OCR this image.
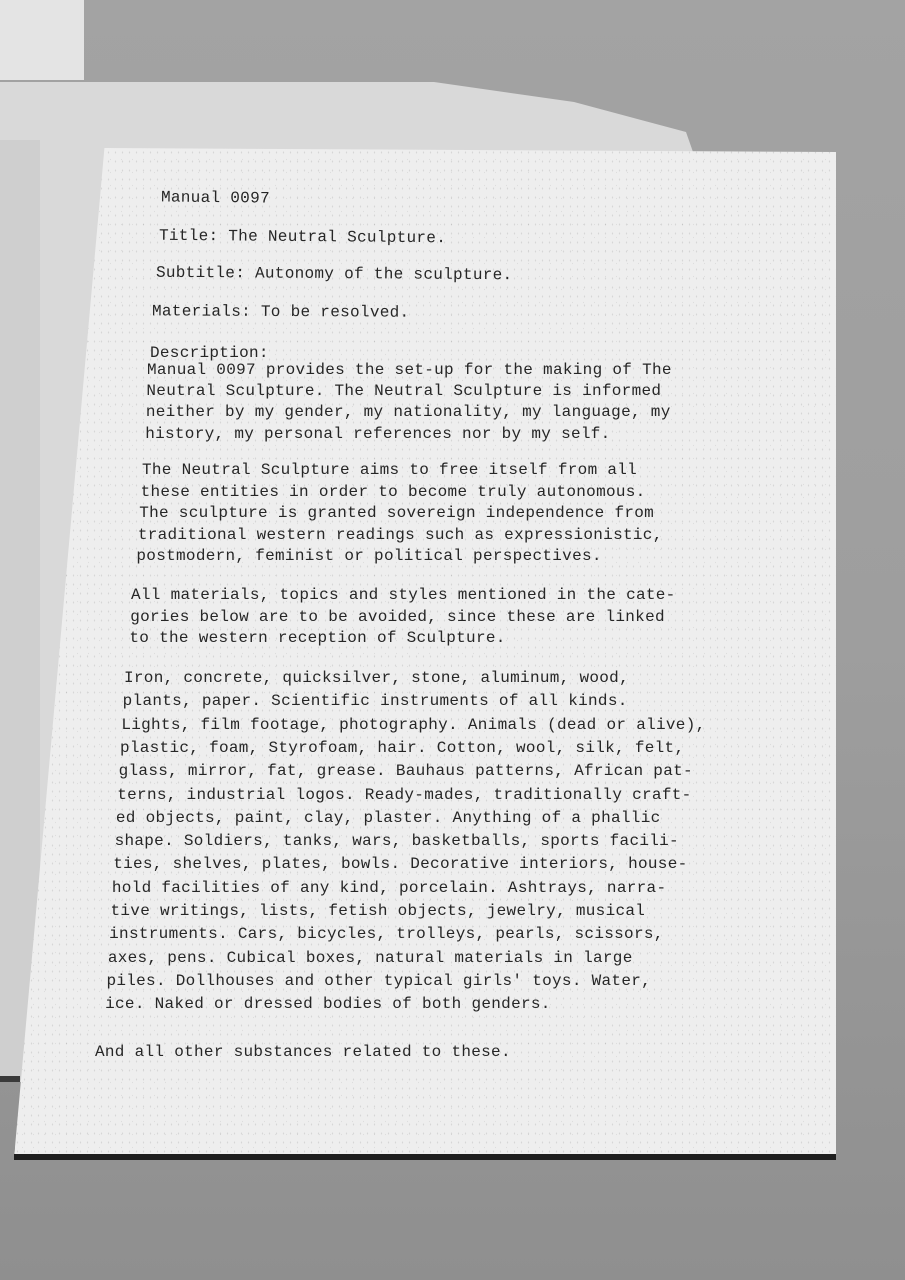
Manual 0097
Title: The Neutral Sculpture.
Subtitle: Autonomy of the sculpture.
Materials: To be resolved.
Description:
Manual 0097 provides the set-up for the making of The
Neutral Sculpture. The Neutral Sculpture is informed
neither by my gender, my nationality, my language, my
history, my personal references nor by my self.
The Neutral Sculpture aims to free itself from all
these entities in order to become truly autonomous.
The sculpture is granted sovereign independence from
traditional western readings such as expressionistic,
postmodern, feminist or political perspectives.
All materials, topics and styles mentioned in the cate-
gories below are to be avoided, since these are linked
to the western reception of Sculpture.
Iron, concrete, quicksilver, stone, aluminum, wood,
plants, paper. Scientific instruments of all kinds.
Lights, film footage, photography. Animals (dead or alive),
plastic, foam, Styrofoam, hair. Cotton, wool, silk, felt,
glass, mirror, fat, grease. Bauhaus patterns, African pat-
terns, industrial logos. Ready-mades, traditionally craft-
ed objects, paint, clay, plaster. Anything of a phallic
shape. Soldiers, tanks, wars, basketballs, sports facili-
ties, shelves, plates, bowls. Decorative interiors, house-
hold facilities of any kind, porcelain. Ashtrays, narra-
tive writings, lists, fetish objects, jewelry, musical
instruments. Cars, bicycles, trolleys, pearls, scissors,
axes, pens. Cubical boxes, natural materials in large
piles. Dollhouses and other typical girls' toys. Water,
ice. Naked or dressed bodies of both genders.
And all other substances related to these.
